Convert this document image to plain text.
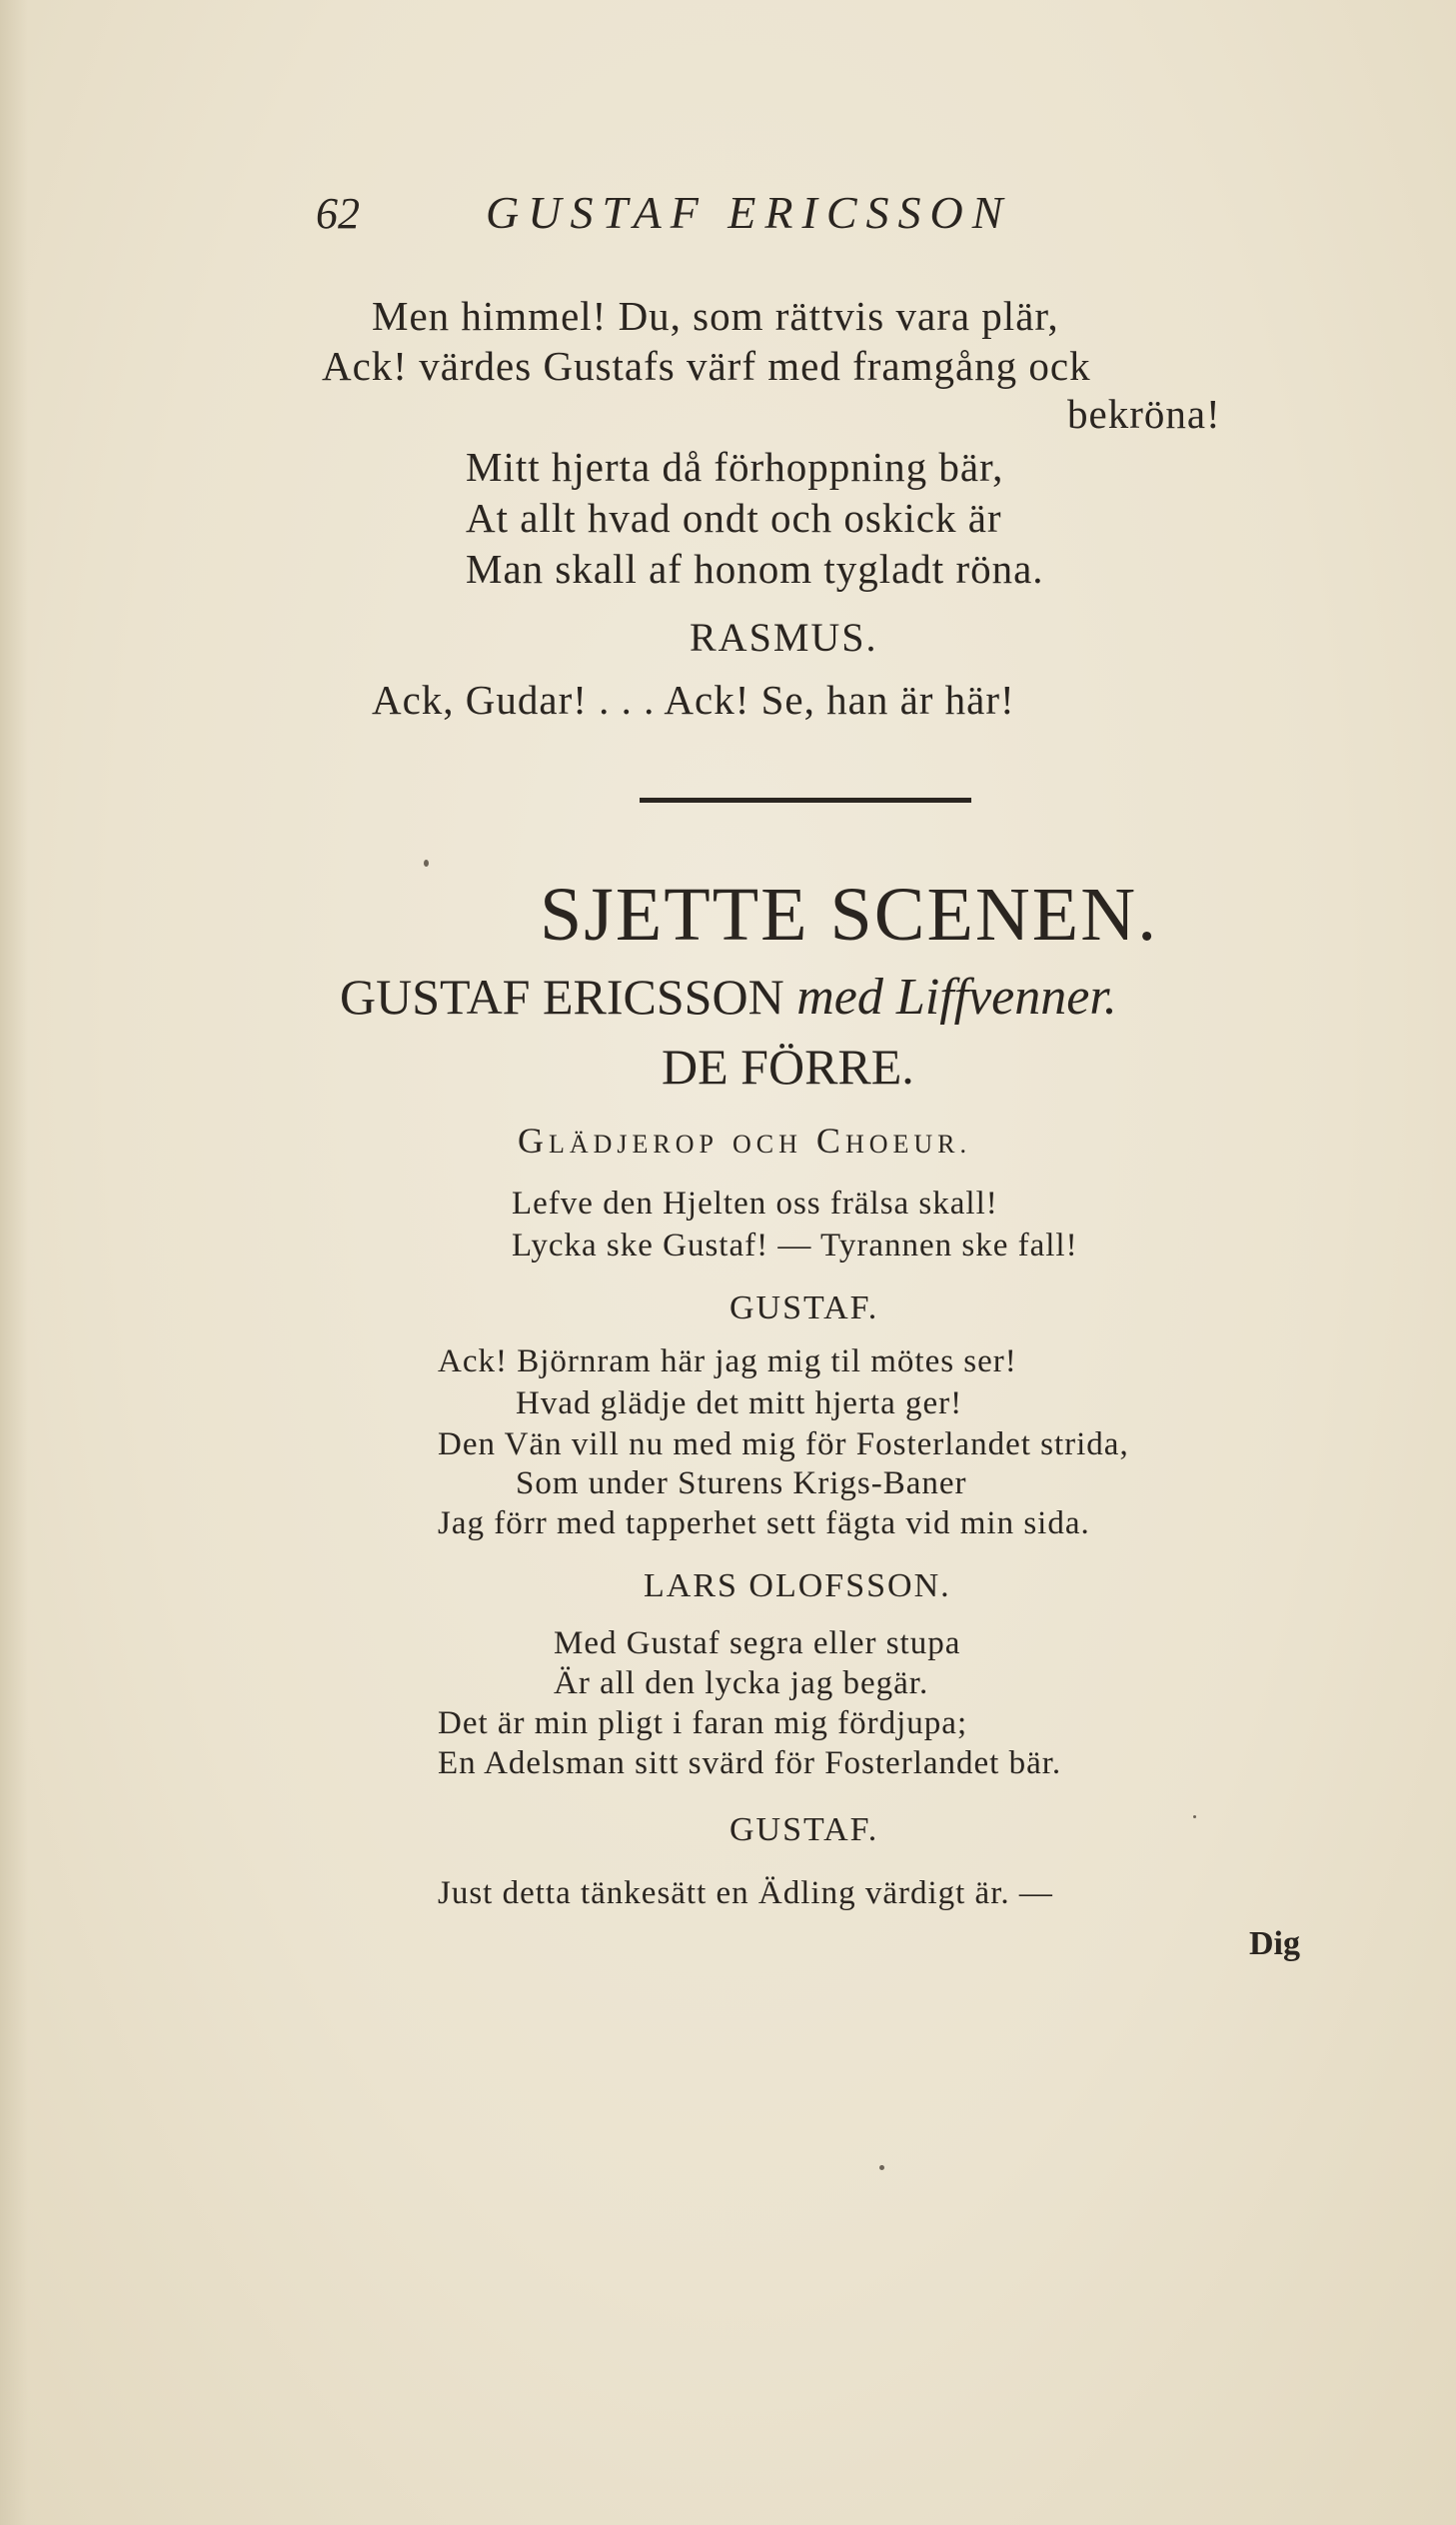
62	GUSTAF ERICSSON
Men himmel! Du, som rättvis vara plär,
Ack! värdes Gustafs värf med framgång ock
bekröna!
Mitt hjerta då förhoppning bär,
At allt hvad ondt och oskick är
Man skall af honom tygladt röna.
RASMUS.
Ack, Gudar! . . . Ack! Se, han är här!
SJETTE SCENEN.
GUSTAF ERICSSON med Liffvenner.
DE FÖRRE.
GLÄDJEROP OCH CHOEUR.
Lefve den Hjelten oss frälsa skall!
Lycka ske Gustaf! — Tyrannen ske fall!
GUSTAF.
Ack! Björnram här jag mig til mötes ser!
Hvad glädje det mitt hjerta ger!
Den Vän vill nu med mig för Fosterlandet strida,
Som under Sturens Krigs-Baner
Jag förr med tapperhet sett fägta vid min sida.
LARS OLOFSSON.
Med Gustaf segra eller stupa
Är all den lycka jag begär.
Det är min pligt i faran mig fördjupa;
En Adelsman sitt svärd för Fosterlandet bär.
GUSTAF.
Just detta tänkesätt en Ädling värdigt är. —
Dig
